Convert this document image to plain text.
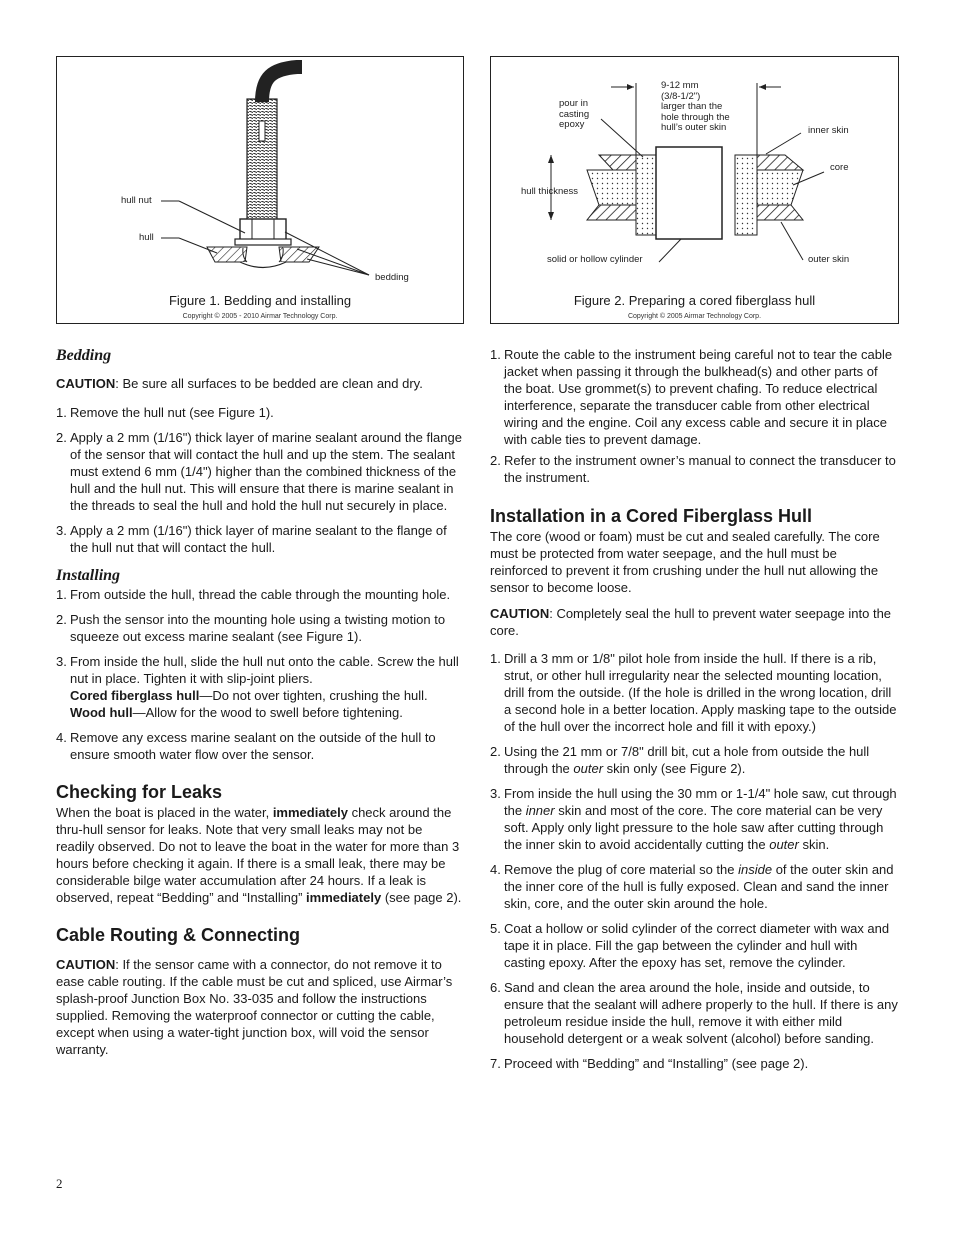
hull nut
hull
bedding
Figure 1. Bedding and installing
Copyright © 2005 - 2010 Airmar Technology Corp.
pour in
casting
epoxy
9-12 mm
(3/8-1/2")
larger than the
hole through the
hull’s outer skin	inner skin
core
hull thickness
solid or hollow cylinder	outer skin
Figure 2. Preparing a cored fiberglass hull
Copyright © 2005 Airmar Technology Corp.
Bedding

CAUTION: Be sure all surfaces to be bedded are clean and dry.

1. Remove the hull nut (see Figure 1).
2. Apply a 2 mm (1/16") thick layer of marine sealant around the flange of the sensor that will contact the hull and up the stem. The sealant must extend 6 mm (1/4") higher than the combined thickness of the hull and the hull nut. This will ensure that there is marine sealant in the threads to seal the hull and hold the hull nut securely in place.
3. Apply a 2 mm (1/16") thick layer of marine sealant to the flange of the hull nut that will contact the hull.
Installing
1. From outside the hull, thread the cable through the mounting hole.
2. Push the sensor into the mounting hole using a twisting motion to squeeze out excess marine sealant (see Figure 1).
3. From inside the hull, slide the hull nut onto the cable. Screw the hull nut in place. Tighten it with slip-joint pliers.
Cored fiberglass hull—Do not over tighten, crushing the hull.
Wood hull—Allow for the wood to swell before tightening.
4. Remove any excess marine sealant on the outside of the hull to ensure smooth water flow over the sensor.
Checking for Leaks

When the boat is placed in the water, immediately check around the thru-hull sensor for leaks. Note that very small leaks may not be readily observed. Do not to leave the boat in the water for more than 3 hours before checking it again. If there is a small leak, there may be considerable bilge water accumulation after 24 hours. If a leak is observed, repeat “Bedding” and “Installing” immediately (see page 2).

Cable Routing & Connecting

CAUTION: If the sensor came with a connector, do not remove it to ease cable routing. If the cable must be cut and spliced, use Airmar’s splash-proof Junction Box No. 33-035 and follow the instructions supplied. Removing the waterproof connector or cutting the cable, except when using a water-tight junction box, will void the sensor warranty.

1. Route the cable to the instrument being careful not to tear the cable jacket when passing it through the bulkhead(s) and other parts of the boat. Use grommet(s) to prevent chafing. To reduce electrical interference, separate the transducer cable from other electrical wiring and the engine. Coil any excess cable and secure it in place with cable ties to prevent damage.
2. Refer to the instrument owner’s manual to connect the transducer to the instrument.
Installation in a Cored Fiberglass Hull

The core (wood or foam) must be cut and sealed carefully. The core must be protected from water seepage, and the hull must be reinforced to prevent it from crushing under the hull nut allowing the sensor to become loose.

CAUTION: Completely seal the hull to prevent water seepage into the core.

1. Drill a 3 mm or 1/8" pilot hole from inside the hull. If there is a rib, strut, or other hull irregularity near the selected mounting location, drill from the outside. (If the hole is drilled in the wrong location, drill a second hole in a better location. Apply masking tape to the outside of the hull over the incorrect hole and fill it with epoxy.)
2. Using the 21 mm or 7/8" drill bit, cut a hole from outside the hull through the outer skin only (see Figure 2).
3. From inside the hull using the 30 mm or 1-1/4" hole saw, cut through the inner skin and most of the core. The core material can be very soft. Apply only light pressure to the hole saw after cutting through the inner skin to avoid accidentally cutting the outer skin.
4. Remove the plug of core material so the inside of the outer skin and the inner core of the hull is fully exposed. Clean and sand the inner skin, core, and the outer skin around the hole.
5. Coat a hollow or solid cylinder of the correct diameter with wax and tape it in place. Fill the gap between the cylinder and hull with casting epoxy. After the epoxy has set, remove the cylinder.
6. Sand and clean the area around the hole, inside and outside, to ensure that the sealant will adhere properly to the hull. If there is any petroleum residue inside the hull, remove it with either mild household detergent or a weak solvent (alcohol) before sanding.
7. Proceed with “Bedding” and “Installing” (see page 2).
2
